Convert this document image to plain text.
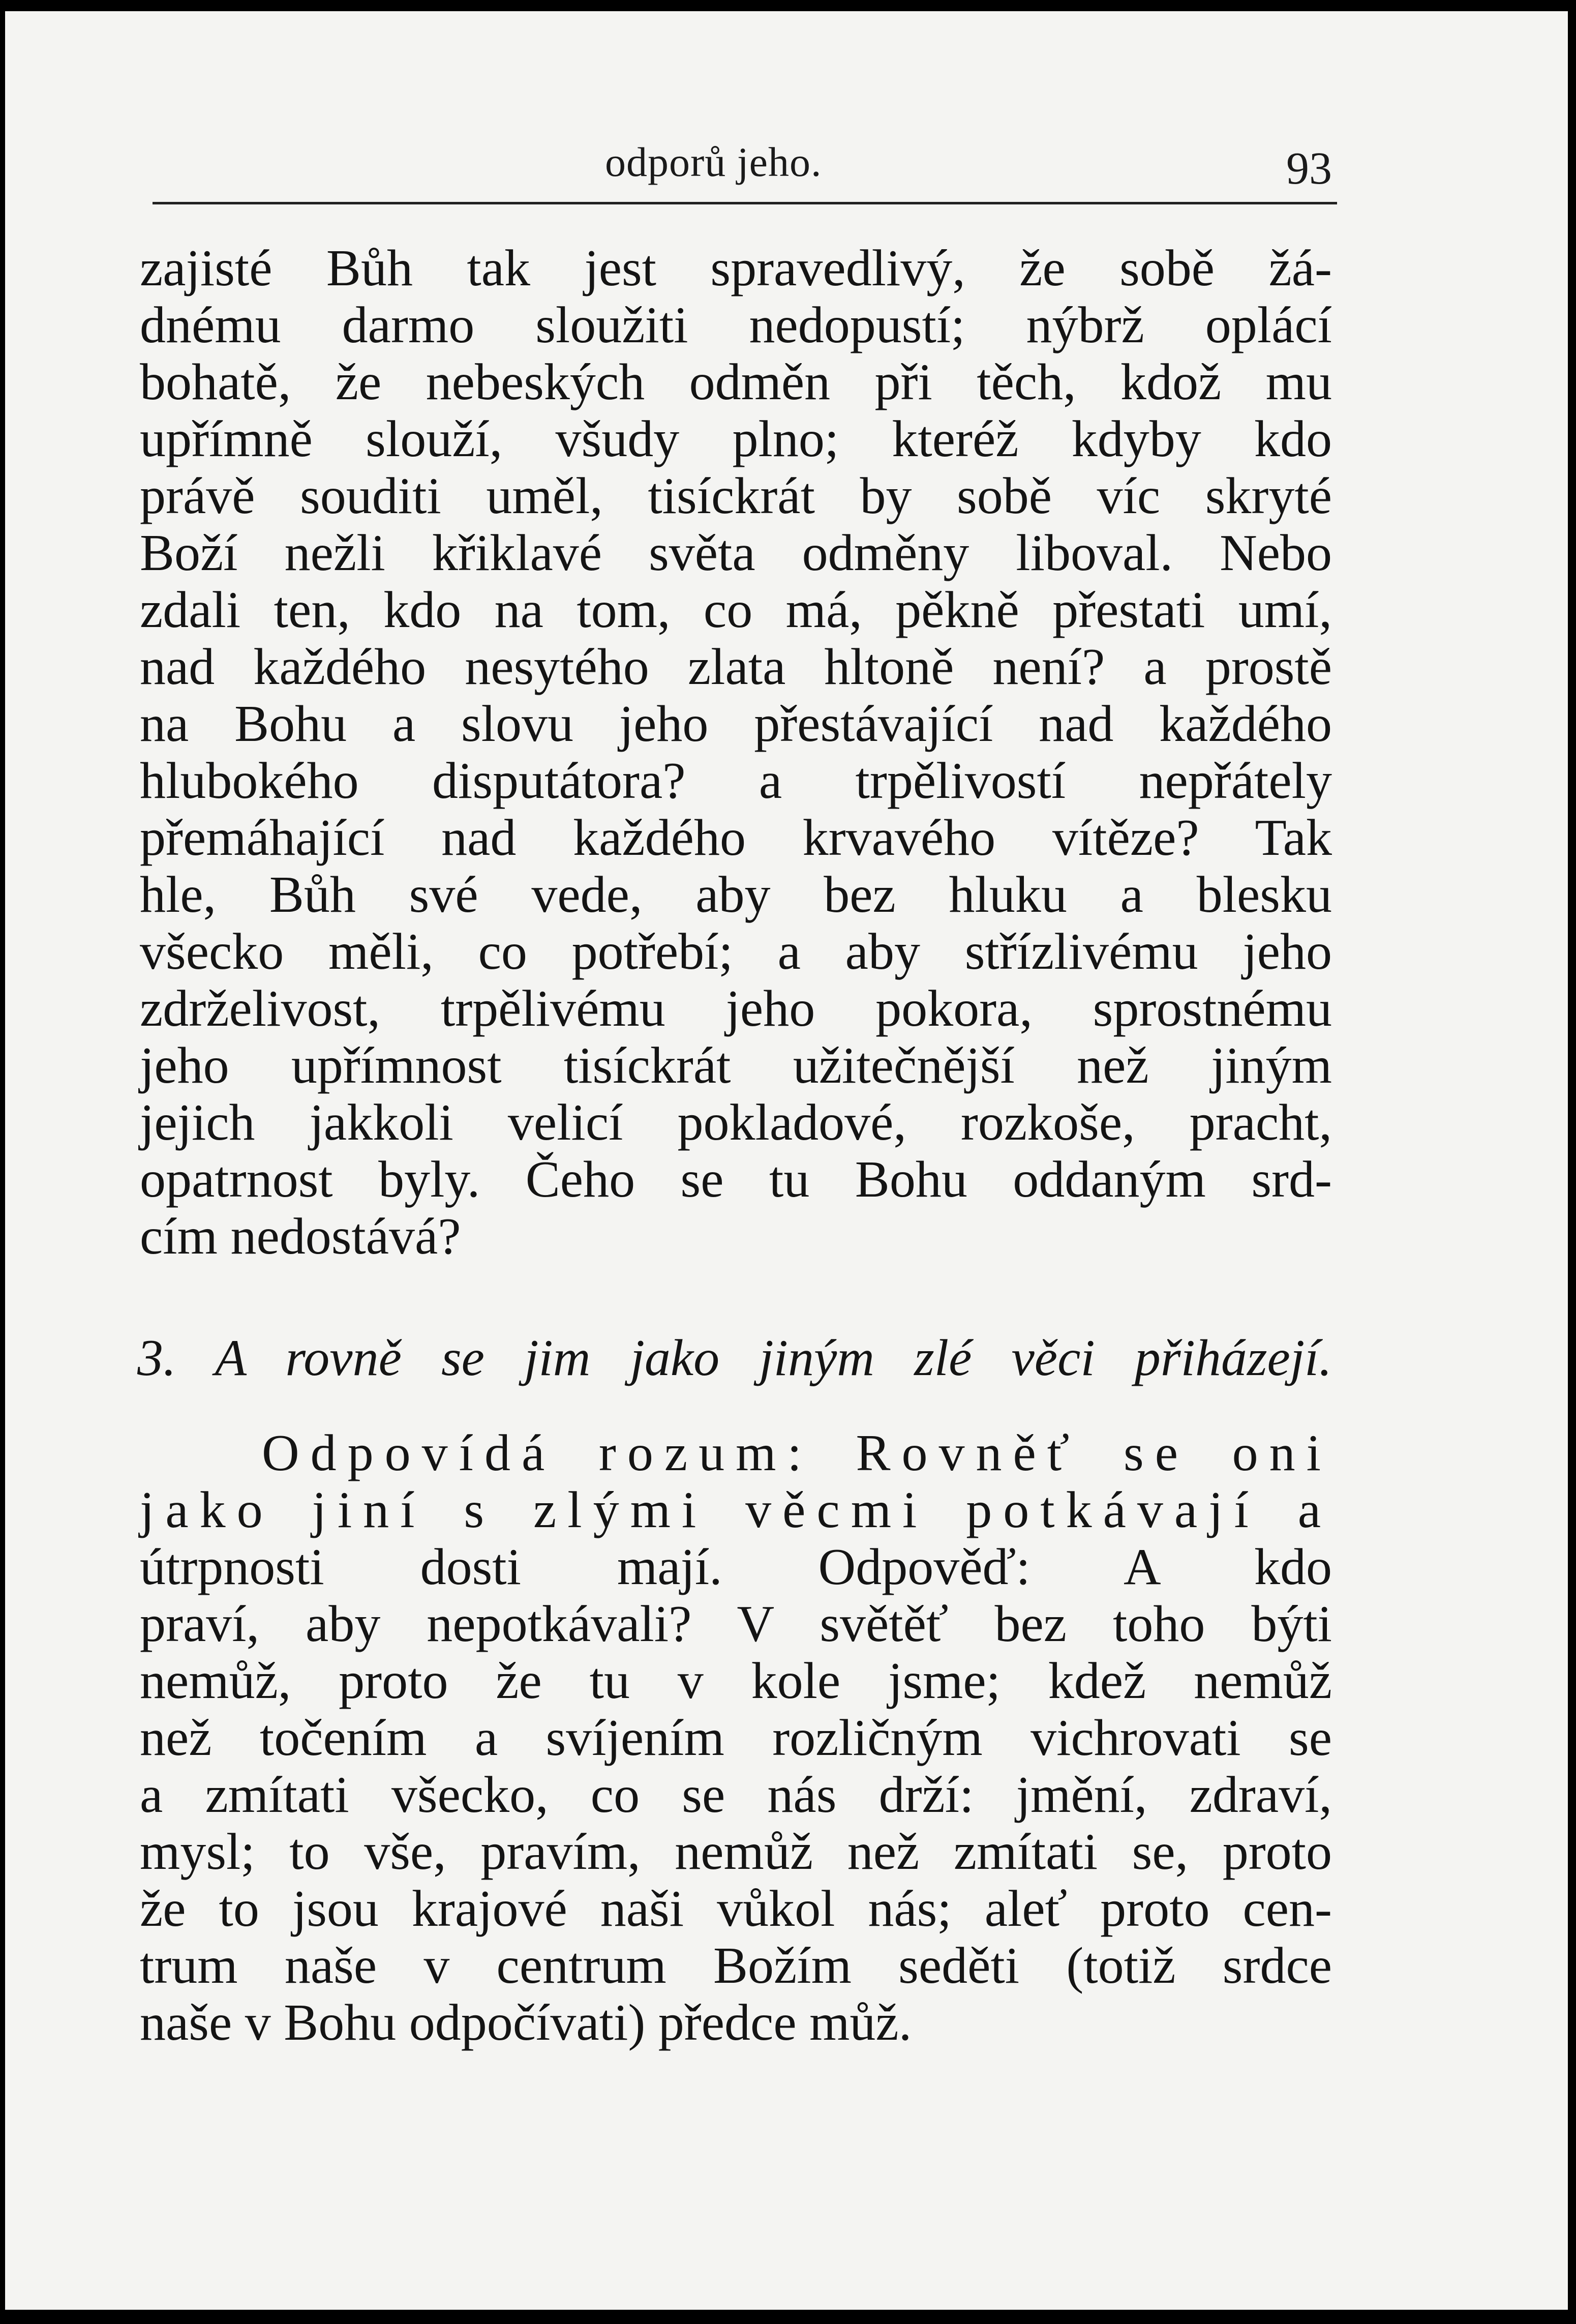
odporů jeho.	93
zajisté Bůh tak jest spravedlivý, že sobě žá-
dnému darmo sloužiti nedopustí; nýbrž oplácí
bohatě, že nebeských odměn při těch, kdož mu
upřímně slouží, všudy plno; kteréž kdyby kdo
právě souditi uměl, tisíckrát by sobě víc skryté
Boží nežli křiklavé světa odměny liboval. Nebo
zdali ten, kdo na tom, co má, pěkně přestati umí,
nad každého nesytého zlata hltoně není? a prostě
na Bohu a slovu jeho přestávající nad každého
hlubokého disputátora? a trpělivostí nepřátely
přemáhající nad každého krvavého vítěze? Tak
hle, Bůh své vede, aby bez hluku a blesku
všecko měli, co potřebí; a aby střízlivému jeho
zdrželivost, trpělivému jeho pokora, sprostnému
jeho upřímnost tisíckrát užitečnější než jiným
jejich jakkoli velicí pokladové, rozkoše, pracht,
opatrnost byly. Čeho se tu Bohu oddaným srd-
cím nedostává?
3. A rovně se jim jako jiným zlé věci přiházejí.
Odpovídá rozum: Rovněť se oni
jako jiní s zlými věcmi potkávají a
útrpnosti dosti mají. Odpověď: A kdo
praví, aby nepotkávali? V světěť bez toho býti
nemůž, proto že tu v kole jsme; kdež nemůž
než točením a svíjením rozličným vichrovati se
a zmítati všecko, co se nás drží: jmění, zdraví,
mysl; to vše, pravím, nemůž než zmítati se, proto
že to jsou krajové naši vůkol nás; aleť proto cen-
trum naše v centrum Božím seděti (totiž srdce
naše v Bohu odpočívati) předce můž.
